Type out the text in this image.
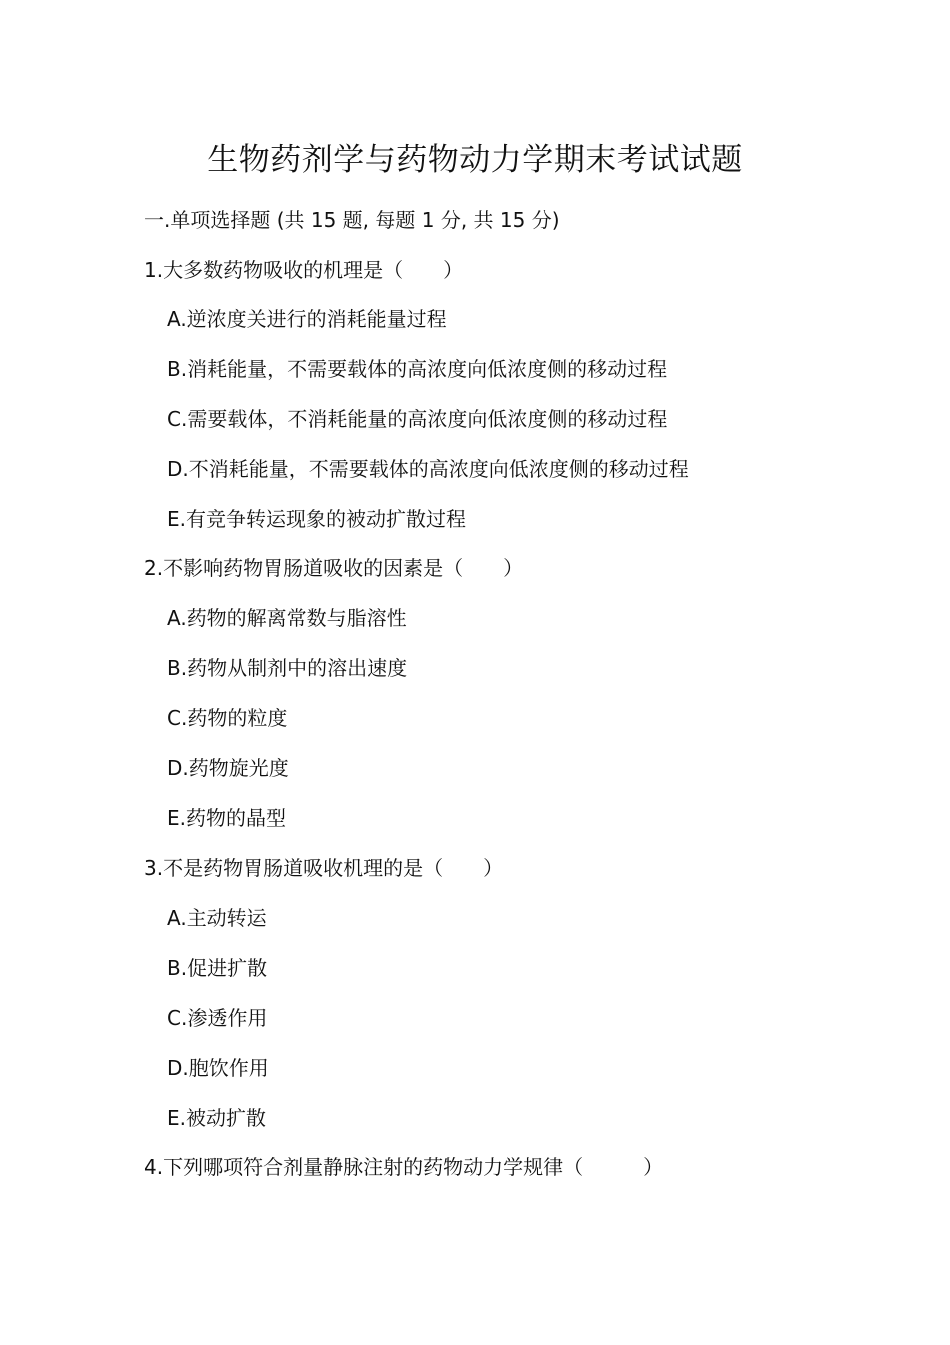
生物药剂学与药物动力学期末考试试题
一.单项选择题 (共 15 题, 每题 1 分, 共 15 分)
1.大多数药物吸收的机理是（　　）
A.逆浓度关进行的消耗能量过程
B.消耗能量，不需要载体的高浓度向低浓度侧的移动过程
C.需要载体，不消耗能量的高浓度向低浓度侧的移动过程
D.不消耗能量，不需要载体的高浓度向低浓度侧的移动过程
E.有竞争转运现象的被动扩散过程
2.不影响药物胃肠道吸收的因素是（　　）
A.药物的解离常数与脂溶性
B.药物从制剂中的溶出速度
C.药物的粒度
D.药物旋光度
E.药物的晶型
3.不是药物胃肠道吸收机理的是（　　）
A.主动转运
B.促进扩散
C.渗透作用
D.胞饮作用
E.被动扩散
4.下列哪项符合剂量静脉注射的药物动力学规律（　　　）
